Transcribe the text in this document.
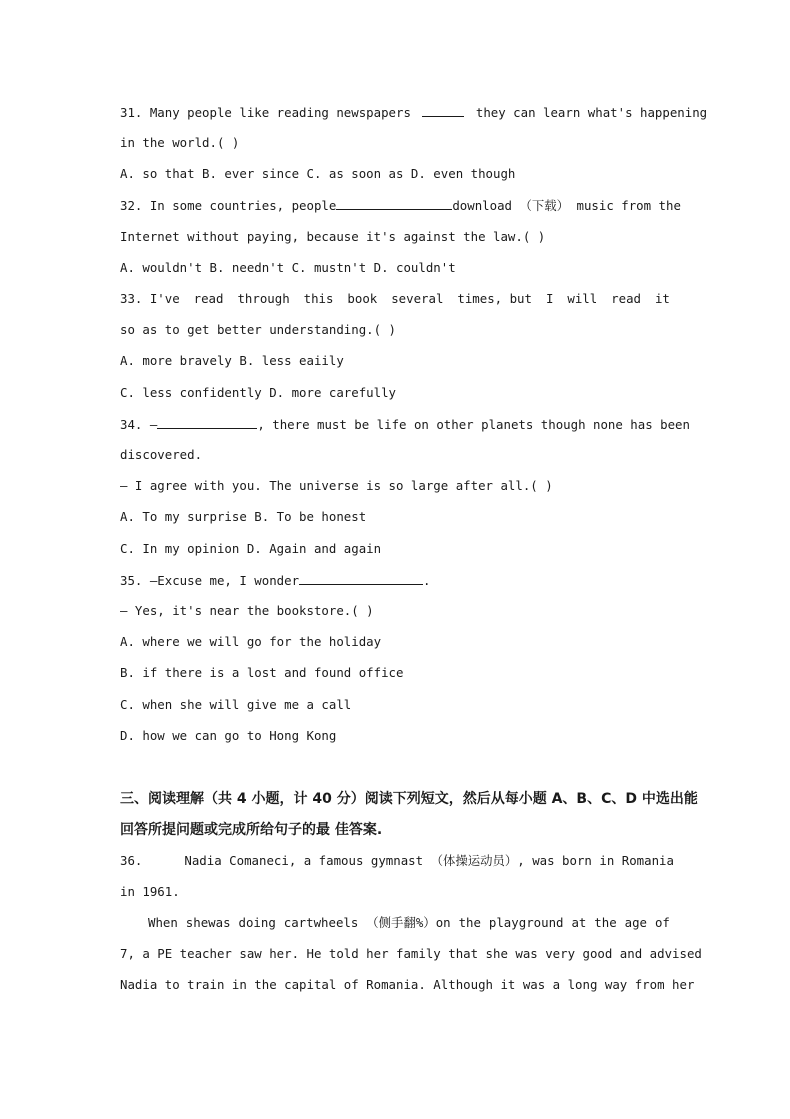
31. Many people like reading newspapers	they can learn what's happening
in the world.( )
A. so that B. ever since C. as soon as D. even though
32. In some countries, people	download （下载） music from the
Internet without paying, because it's against the law.( )
A. wouldn't B. needn't C. mustn't D. couldn't
33. I've read through this book several times, but I will read it
so as to get better understanding.( )
A. more bravely B. less eaiily
C. less confidently D. more carefully
34. —	, there must be life on other planets though none has been
discovered.
— I agree with you. The universe is so large after all.( )
A. To my surprise B. To be honest
C. In my opinion D. Again and again
35. —Excuse me, I wonder	.
— Yes, it's near the bookstore.( )
A. where we will go for the holiday
B. if there is a lost and found office
C. when she will give me a call
D. how we can go to Hong Kong
三、阅读理解（共 4 小题，计 40 分）阅读下列短文，然后从每小题 A、B、C、D 中选出能
回答所提问题或完成所给句子的最 佳答案.
36.	Nadia Comaneci, a famous gymnast （体操运动员）, was born in Romania
in 1961.
When shewas doing cartwheels （侧手翻%）on the playground at the age of
7, a PE teacher saw her. He told her family that she was very good and advised
Nadia to train in the capital of Romania. Although it was a long way from her
